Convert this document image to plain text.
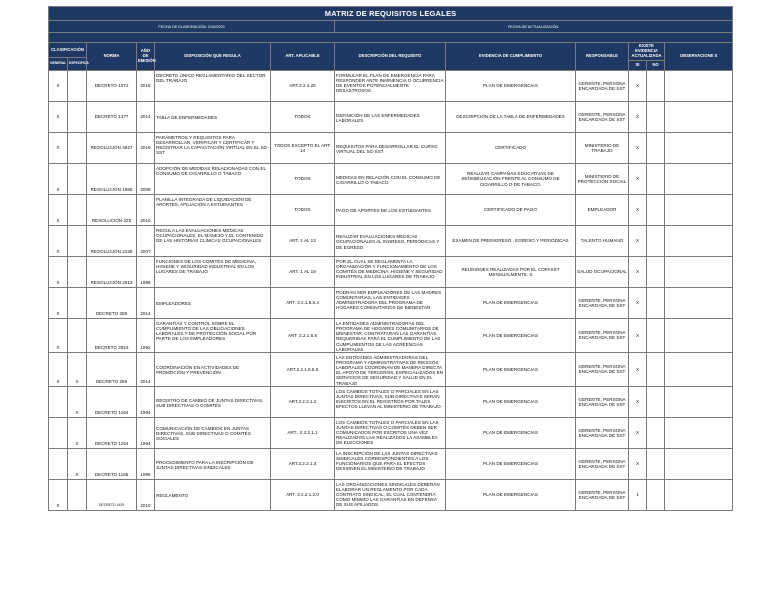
MATRIZ DE REQUISITOS LEGALES											
FECHA DE ELABORACIÓN: 2/10/2020						FECHA DE ACTUALIZACIÓN:					

CLASIFICACIÓN		NORMA	AÑO DE EMISIÓN	DISPOSICIÓN QUE REGULA	ART. APLICABLE	DESCRIPCIÓN DEL REQUISITO	EVIDENCIA DE CUMPLIMIENTO	RESPONSABLE	EXISTE EVIDENCIA ACTUALIZADA		OBSERVACIONE S
GENERAL	ESPECIFICA										
									SI	NO	
X		DECRETO 1072	2015	DECRETO ÚNICO REGLAMENTARIO DEL SECTOR DEL TRABAJO	ART.2.2.4.25	FORMULAR EL PLAN DE EMERGENCIA PARA RESPONDER ANTE INMINENCIA O OCURRENCIA DE EVENTOS POTENCIALMENTE DESASTROSOS	PLAN DE EMERGENCIAS	GERENTE, PERSONA ENCARGADA DE SST	X		
X		DECRETO 1477	2014	TABLA DE ENFERMEDADES	TODOS	DEFINICIÓN DE LAS ENFERMEDADES LABORALES	DESCRIPCIÓN DE LA TABLA DE ENFERMEDADES	GERENTE, PERSONA ENCARGADA DE SST	X		
X		RESOLUCIÓN 4927	2016	PARÁMETROS Y REQUISITOS PARA DESARROLLAR, VERIFICAR Y CERTIFICAR Y REGISTRAR LA CAPACITACIÓN VIRTUAL EN EL SG-SST	TODOS EXCEPTO EL ART. 14	REQUISITOS PARA DESARROLLAR EL CURSO VIRTUAL DEL SG-SST	CERTIFICADO	MINISTERIO DE TRABAJO	X		
X		RESOLUCIÓN 1956	2008	ADOPCIÓN DE MEDIDAS RELACIONADAS CON EL CONSUMO DE CIGARRILLO O TABACO	TODOS	MEDIDAS EN RELACIÓN CON EL CONSUMO DE CIGARRILLO O TABACO	REALIZAR CAMPAÑAS EDUCATIVAS DE SENSIBILIZACIÓN FRENTE AL CONSUMO DE CIGARRILLO O DE TABACO.	MINISTERIO DE PROTECCIÓN SOCIAL	X		
X		RESOLUCIÓN 225	2015	PLANILLA INTEGRADA DE LIQUIDACIÓN DE APORTES, AFILIACIÓN A ESTUDIANTES	TODOS	PAGO DE APORTES DE LOS ESTUDIANTES	CERTIFICADO DE PAGO	EMPLEADOR	X		
X		RESOLUCIÓN 2436	2007	REGULA LAS EVALUACIONES MEDICAS OCUPACIONALES, EL MANEJO Y EL CONTENIDO DE LAS HISTORIAS CLÍNICAS OCUPACIONALES	ART. 1 AL 13	REALIZAR EVALUACIONES MEDICAS OCUPACIONALES AL INGRESO, PERIÓDICAS Y DE EGRESO	EXAMEN DE PREINGRESO , EGRESO Y PERIÓDICAS	TALENTO HUMANO	X		
X		RESOLUCIÓN 2013	1986	FUNCIONES DE LOS COMITÉS DE MEDICINA, HIGIENE Y SEGURIDAD INDUSTRIAL EN LOS LUGARES DE TRABAJO	ART. 1 AL 19	POR EL CUAL SE REGLAMENTA LA ORGANIZACIÓN Y FUNCIONAMIENTO DE LOS COMITÉS DE MEDICINA, HIGIENE Y SEGURIDAD INDUSTRIAL EN LOS LUGARES DE TRABAJO	REUNIONES REALIZADAS POR EL COPASST MENSUALMENTE. S	SALUD OCUPACIONAL	X		
X		DECRETO 289	2014	EMPLEADORES	ART. 2.2.1.6.5.4	PODRÁN SER EMPLEADORES DE LAS MADRES COMUNITARIAS, LAS ENTIDADES ADMINISTRADORA DEL PROGRAMA DE HOGARES COMUNITARIOS DE BIENESTAR	PLAN DE EMERGENCIAS	GERENTE, PERSONA ENCARGADA DE SST	X		
X		DECRETO 2923	1992	GARANTÍAS Y CONTROL SOBRE EL CUMPLIMIENTO DE LAS OBLIGACIONES LABORALES Y DE PROTECCIÓN SOCIAL POR PARTE DE LOS EMPLEADORES	ART. 2.2.1.5.5	LA ENTIDADES ADMINISTRADORAS DEL PROGRAMA DE HOGARES COMUNITARIOS DE BIENESTAR, CONTRATARAN LAS GARANTÍAS REQUERIDAS PARA EL CUMPLIMIENTO DE LAS CUMPLIMIENTOS DE LAS ACREENCIAS LABORALES	PLAN DE EMERGENCIAS	GERENTE, PERSONA ENCARGADA DE SST	X		
X	X	DECRETO 289	2014	COORDINACIÓN EN ACTIVIDADES DE PROMOCIÓN Y PREVENCIÓN	ART.2.2.1.6.5.6	LAS ENTIDADES ADMINISTRADORAS DEL PROGRAMA Y ADMINISTRATIVAS DE RIESGOS LABORALES COORDINAN DE MANERA DIRECTA EL APOYO DE TERCEROS, ESPECIALIZADOS EN SERVICIOS DE SEGURIDAD Y SALUD EN EL TRABAJO	PLAN DE EMERGENCIAS	GERENTE, PERSONA ENCARGADA DE SST	X		
	X	DECRETO 1194	1994	REGISTRO DE CAMBIO DE JUNTAS DIRECTIVAS, SUB DIRECTIVAS O COMITÉS	ART.2.2.2.1.2	LOS CAMBIOS TOTALES O PARCIALES EN LAS JUNTAS DIRECTIVAS, SUB DIRECTIVAS SERÁN INSCRITOS EN EL REGISTROS POR TALES EFECTOS LLEVAN AL MINISTERIO DE TRABAJO	PLAN DE EMERGENCIAS	GERENTE, PERSONA ENCARGADA DE SST	X		
	X	DECRETO 1194	1994	COMUNICACIÓN DE CAMBIOS EN JUNTAS DIRECTIVAS, SUB DIRECTIVAS O COMITÉS SOCIALES	ART.. 2.2.2.1.1	LOS CAMBIOS TOTALES O PARCIALES EN LAS JUNTAS DIRECTIVAS O COMITÉS DEBEN SER COMUNICADOS POR ESCRITOS UNA VEZ REALIZADOS LAS REALIZADOS LA ASAMBLEA DE ELECCIONES	PLAN DE EMERGENCIAS	GERENTE, PERSONA ENCARGADA DE SST	X		
	X	DECRETO 1195	1995	PROCEDIMIENTO PARA LA INSCRIPCIÓN DE JUNTAS DIRECTIVAS SINDICALES	ART.2.2.2.1.3	LA INSCRIPCIÓN DE LAS JUNTAS DIRECTIVAS SINDICALES CORRESPONDIENTES A LOS FUNCIONARIOS QUE PARA EL EFECTOS DESIGNEN EL MINISTERIO DE TRABAJO	PLAN DE EMERGENCIAS	GERENTE, PERSONA ENCARGADA DE SST	X		
X		DECRETO 1429	2010	REGLAMENTO	ART. 2.2.2.1.2.0	LAS ORGANIZACIONES SINDICALES DEBERÁN ELABORAR UN REGLAMENTO POR CADA CONTRATO SINDICAL, EL CUAL CONTENDRÁ COMO MÍNIMO LAS GARANTÍAS EN DEFENSA DE SUS AFILIADOS	PLAN DE EMERGENCIAS	GERENTE, PERSONA ENCARGADA DE SST	1		
